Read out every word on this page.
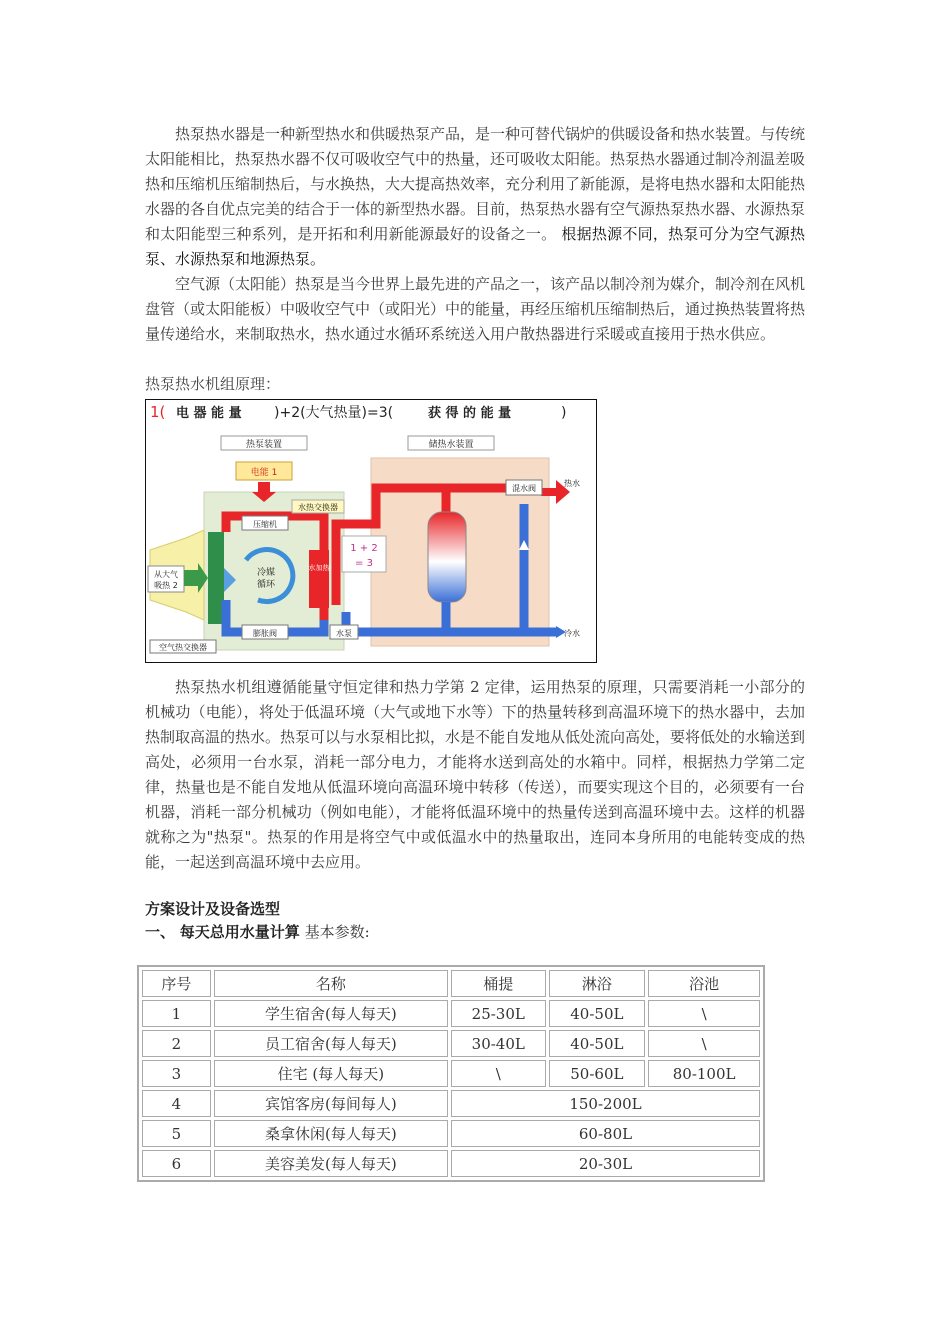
热泵热水器是一种新型热水和供暖热泵产品，是一种可替代锅炉的供暖设备和热水装置。与传统太阳能相比，热泵热水器不仅可吸收空气中的热量，还可吸收太阳能。热泵热水器通过制冷剂温差吸热和压缩机压缩制热后，与水换热，大大提高热效率，充分利用了新能源，是将电热水器和太阳能热水器的各自优点完美的结合于一体的新型热水器。目前，热泵热水器有空气源热泵热水器、水源热泵和太阳能型三种系列，是开拓和利用新能源最好的设备之一。 根据热源不同，热泵可分为空气源热泵、水源热泵和地源热泵。

空气源（太阳能）热泵是当今世界上最先进的产品之一，该产品以制冷剂为媒介，制冷剂在风机盘管（或太阳能板）中吸收空气中（或阳光）中的能量，再经压缩机压缩制热后，通过换热装置将热量传递给水，来制取热水，热水通过水循环系统送入用户散热器进行采暖或直接用于热水供应。

热泵热水机组原理：

1( 电 器 能 量 )+2(大气热量)=3(	获 得 的 能 量	)
热泵装置	储热水装置
电能 1
从大气
吸热 2
压缩机
冷媒
循环
膨胀阀
空气热交换器
水热交换器
水加热
混水阀
热水
冷水
水泵
1 + 2
= 3

热泵热水机组遵循能量守恒定律和热力学第 2 定律，运用热泵的原理，只需要消耗一小部分的机械功（电能），将处于低温环境（大气或地下水等）下的热量转移到高温环境下的热水器中，去加热制取高温的热水。热泵可以与水泵相比拟，水是不能自发地从低处流向高处，要将低处的水输送到高处，必须用一台水泵，消耗一部分电力，才能将水送到高处的水箱中。同样，根据热力学第二定律，热量也是不能自发地从低温环境向高温环境中转移（传送），而要实现这个目的，必须要有一台机器，消耗一部分机械功（例如电能），才能将低温环境中的热量传送到高温环境中去。这样的机器就称之为"热泵"。热泵的作用是将空气中或低温水中的热量取出，连同本身所用的电能转变成的热能，一起送到高温环境中去应用。

方案设计及设备选型

一、 每天总用水量计算 基本参数:

序号	名称	桶提	淋浴	浴池
1	学生宿舍(每人每天)	25-30L	40-50L	\
2	员工宿舍(每人每天)	30-40L	40-50L	\
3	住宅 (每人每天)	\	50-60L	80-100L
4	宾馆客房(每间每人)	150-200L		
5	桑拿休闲(每人每天)	60-80L		
6	美容美发(每人每天)	20-30L		
